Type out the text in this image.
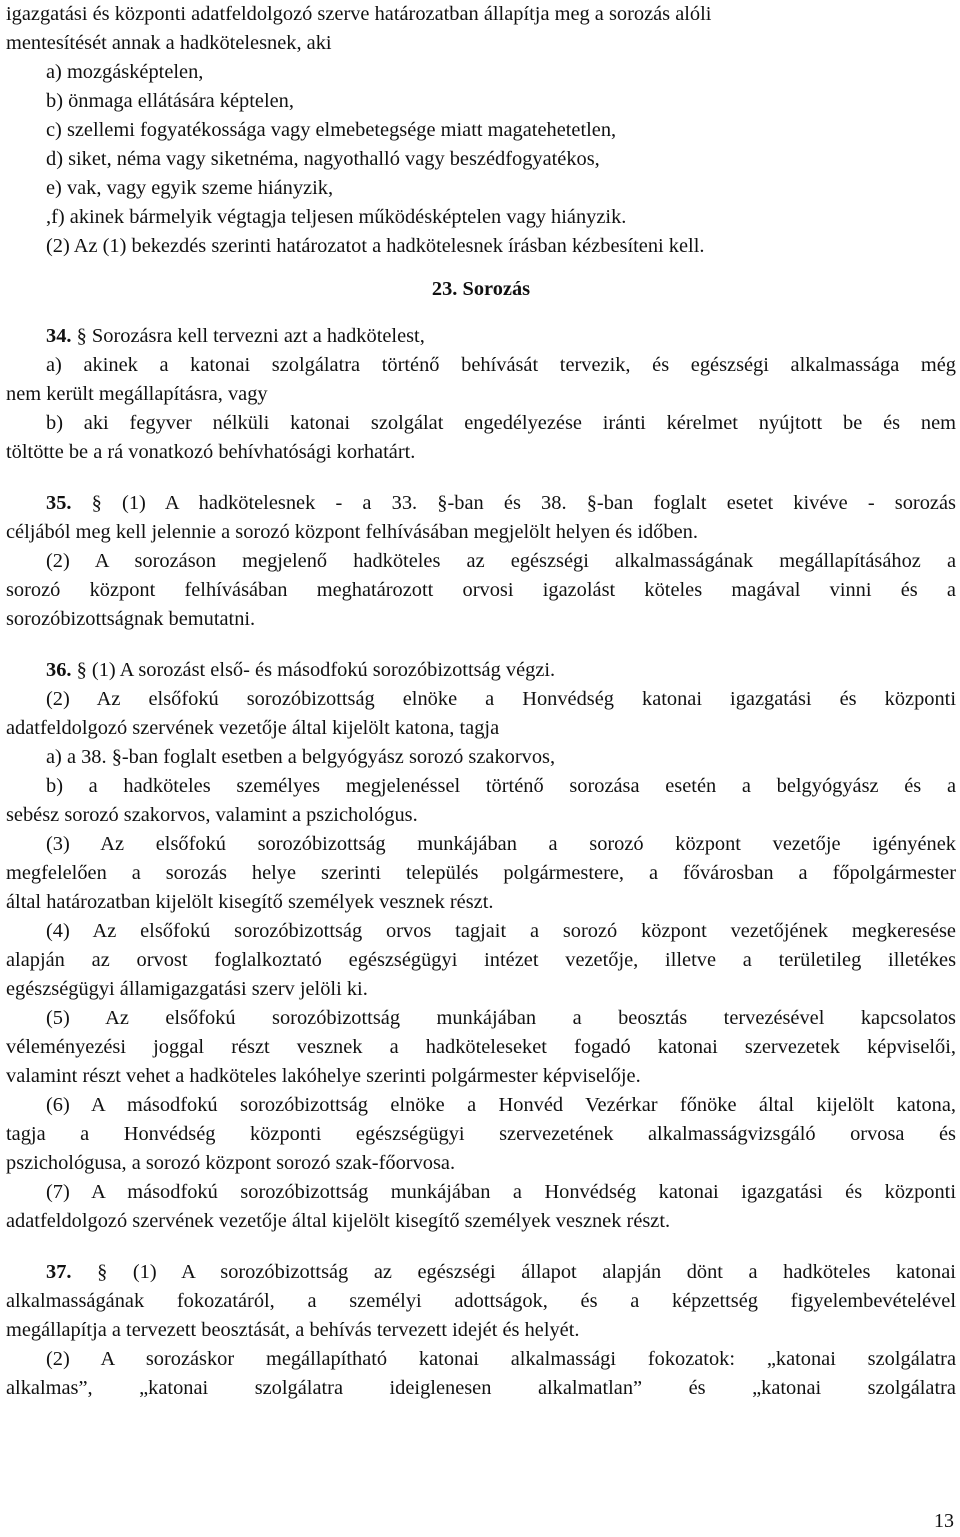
igazgatási és központi adatfeldolgozó szerve határozatban állapítja meg a sorozás alóli
mentesítését annak a hadkötelesnek, aki
a) mozgásképtelen,
b) önmaga ellátására képtelen,
c) szellemi fogyatékossága vagy elmebetegsége miatt magatehetetlen,
d) siket, néma vagy siketnéma, nagyothalló vagy beszédfogyatékos,
e) vak, vagy egyik szeme hiányzik,
,f) akinek bármelyik végtagja teljesen működésképtelen vagy hiányzik.
(2) Az (1) bekezdés szerinti határozatot a hadkötelesnek írásban kézbesíteni kell.
23. Sorozás
34. § Sorozásra kell tervezni azt a hadkötelest,
a) akinek a katonai szolgálatra történő behívását tervezik, és egészségi alkalmassága még
nem került megállapításra, vagy
b) aki fegyver nélküli katonai szolgálat engedélyezése iránti kérelmet nyújtott be és nem
töltötte be a rá vonatkozó behívhatósági korhatárt.
35. § (1) A hadkötelesnek - a 33. §-ban és 38. §-ban foglalt esetet kivéve - sorozás
céljából meg kell jelennie a sorozó központ felhívásában megjelölt helyen és időben.
(2) A sorozáson megjelenő hadköteles az egészségi alkalmasságának megállapításához a
sorozó központ felhívásában meghatározott orvosi igazolást köteles magával vinni és a
sorozóbizottságnak bemutatni.
36. § (1) A sorozást első- és másodfokú sorozóbizottság végzi.
(2) Az elsőfokú sorozóbizottság elnöke a Honvédség katonai igazgatási és központi
adatfeldolgozó szervének vezetője által kijelölt katona, tagja
a) a 38. §-ban foglalt esetben a belgyógyász sorozó szakorvos,
b) a hadköteles személyes megjelenéssel történő sorozása esetén a belgyógyász és a
sebész sorozó szakorvos, valamint a pszichológus.
(3) Az elsőfokú sorozóbizottság munkájában a sorozó központ vezetője igényének
megfelelően a sorozás helye szerinti település polgármestere, a fővárosban a főpolgármester
által határozatban kijelölt kisegítő személyek vesznek részt.
(4) Az elsőfokú sorozóbizottság orvos tagjait a sorozó központ vezetőjének megkeresése
alapján az orvost foglalkoztató egészségügyi intézet vezetője, illetve a területileg illetékes
egészségügyi államigazgatási szerv jelöli ki.
(5) Az elsőfokú sorozóbizottság munkájában a beosztás tervezésével kapcsolatos
véleményezési joggal részt vesznek a hadköteleseket fogadó katonai szervezetek képviselői,
valamint részt vehet a hadköteles lakóhelye szerinti polgármester képviselője.
(6) A másodfokú sorozóbizottság elnöke a Honvéd Vezérkar főnöke által kijelölt katona,
tagja a Honvédség központi egészségügyi szervezetének alkalmasságvizsgáló orvosa és
pszichológusa, a sorozó központ sorozó szak-főorvosa.
(7) A másodfokú sorozóbizottság munkájában a Honvédség katonai igazgatási és központi
adatfeldolgozó szervének vezetője által kijelölt kisegítő személyek vesznek részt.
37. § (1) A sorozóbizottság az egészségi állapot alapján dönt a hadköteles katonai
alkalmasságának fokozatáról, a személyi adottságok, és a képzettség figyelembevételével
megállapítja a tervezett beosztását, a behívás tervezett idejét és helyét.
(2) A sorozáskor megállapítható katonai alkalmassági fokozatok: „katonai szolgálatra
alkalmas”, „katonai szolgálatra ideiglenesen alkalmatlan” és „katonai szolgálatra
13
